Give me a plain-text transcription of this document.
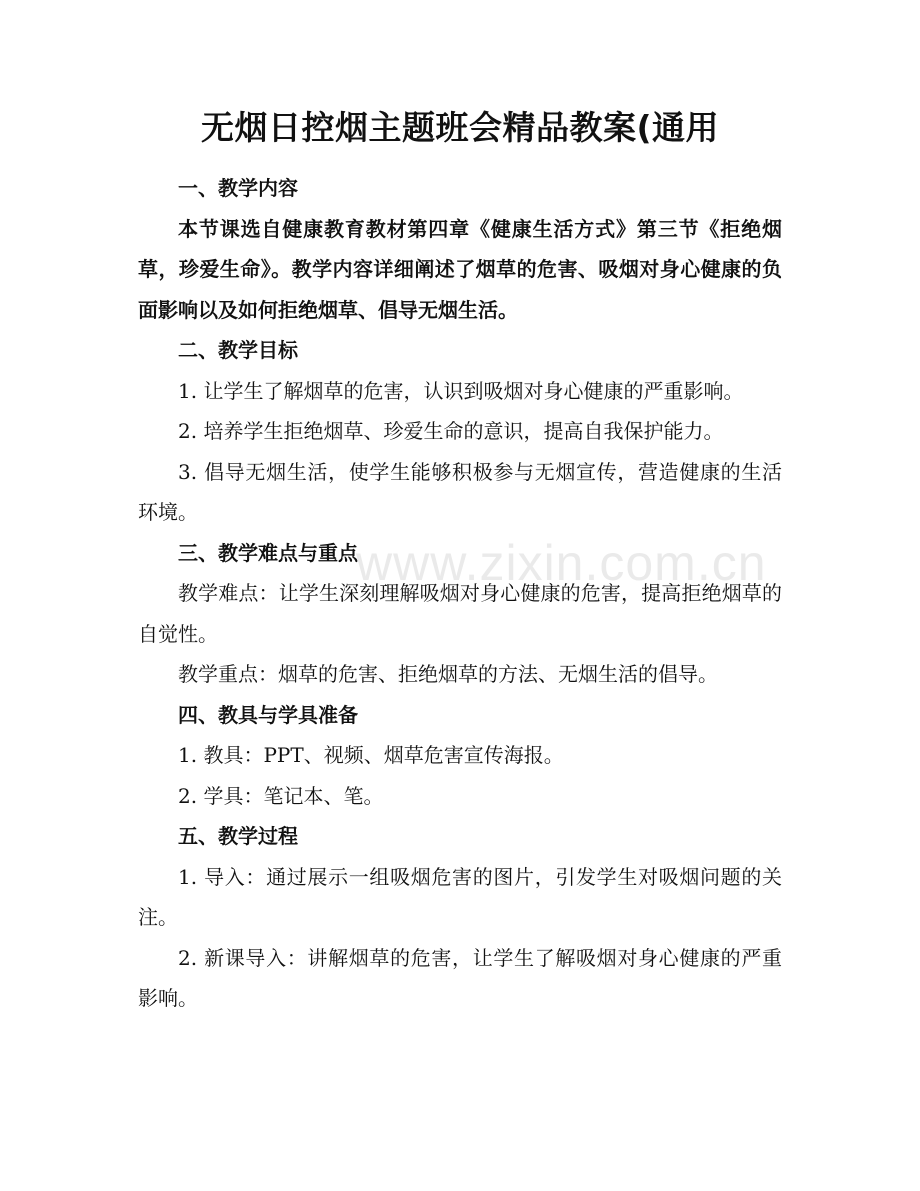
www.zixin.com.cn
无烟日控烟主题班会精品教案(通用

一、教学内容

本节课选自健康教育教材第四章《健康生活方式》第三节《拒绝烟草，珍爱生命》。教学内容详细阐述了烟草的危害、吸烟对身心健康的负面影响以及如何拒绝烟草、倡导无烟生活。

二、教学目标

1. 让学生了解烟草的危害，认识到吸烟对身心健康的严重影响。

2. 培养学生拒绝烟草、珍爱生命的意识，提高自我保护能力。

3. 倡导无烟生活，使学生能够积极参与无烟宣传，营造健康的生活环境。

三、教学难点与重点

教学难点：让学生深刻理解吸烟对身心健康的危害，提高拒绝烟草的自觉性。

教学重点：烟草的危害、拒绝烟草的方法、无烟生活的倡导。

四、教具与学具准备

1. 教具：PPT、视频、烟草危害宣传海报。

2. 学具：笔记本、笔。

五、教学过程

1. 导入：通过展示一组吸烟危害的图片，引发学生对吸烟问题的关注。

2. 新课导入：讲解烟草的危害，让学生了解吸烟对身心健康的严重影响。
